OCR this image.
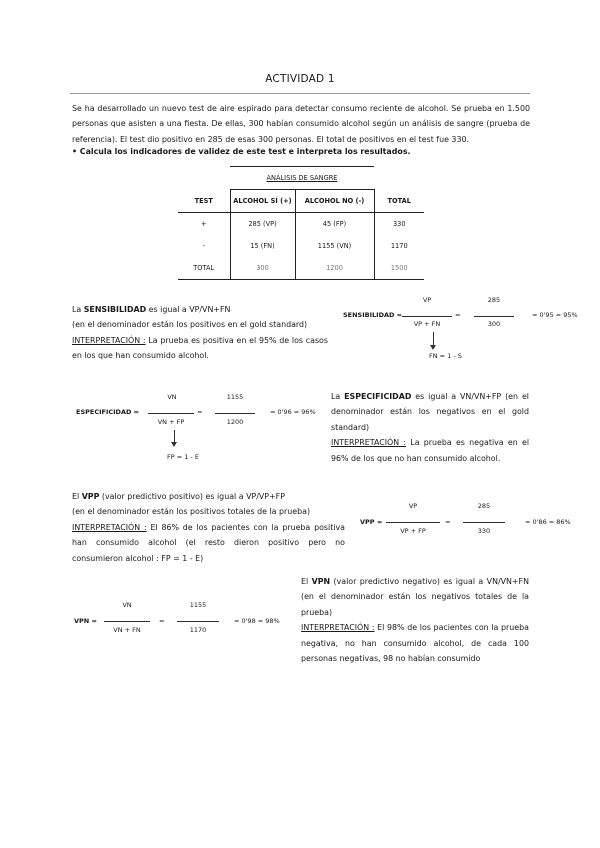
ACTIVIDAD 1
Se ha desarrollado un nuevo test de aire espirado para detectar consumo reciente de alcohol. Se prueba en 1.500 personas que asisten a una fiesta. De ellas, 300 habían consumido alcohol según un análisis de sangre (prueba de referencia). El test dio positivo en 285 de esas 300 personas. El total de positivos en el test fue 330.
• Calcula los indicadores de validez de este test e interpreta los resultados.
	ANÁLISIS DE SANGRE		
TEST	ALCOHOL SÍ (+)	ALCOHOL NO (-)	TOTAL
+	285 (VP)	45 (FP)	330
-	15 (FN)	1155 (VN)	1170
TOTAL	300	1200	1500
La SENSIBILIDAD es igual a VP/VN+FN
(en el denominador están los positivos en el gold standard)
INTERPRETACIÓN : La prueba es positiva en el 95% de los casos en los que han consumido alcohol.
SENSIBILIDAD =
VP
VP + FN
=
285
300
= 0'95 = 95%
FN = 1 - S
ESPECIFICIDAD =
VN
VN + FP
=
1155
1200
= 0'96 = 96%
FP = 1 - E
La ESPECIFICIDAD es igual a VN/VN+FP (en el denominador están los negativos en el gold standard)
INTERPRETACIÓN : La prueba es negativa en el 96% de los que no han consumido alcohol.
El VPP (valor predictivo positivo) es igual a VP/VP+FP
(en el denominador están los positivos totales de la prueba)
INTERPRETACIÓN : El 86% de los pacientes con la prueba positiva han consumido alcohol (el resto dieron positivo pero no consumieron alcohol : FP = 1 - E)
VPP =
VP
VP + FP
=
285
330
= 0'86 = 86%
El VPN (valor predictivo negativo) es igual a VN/VN+FN (en el denominador están los negativos totales de la prueba)
INTERPRETACIÓN : El 98% de los pacientes con la prueba negativa, no han consumido alcohol, de cada 100 personas negativas, 98 no habían consumido
VPN =
VN
VN + FN
=
1155
1170
= 0'98 = 98%
